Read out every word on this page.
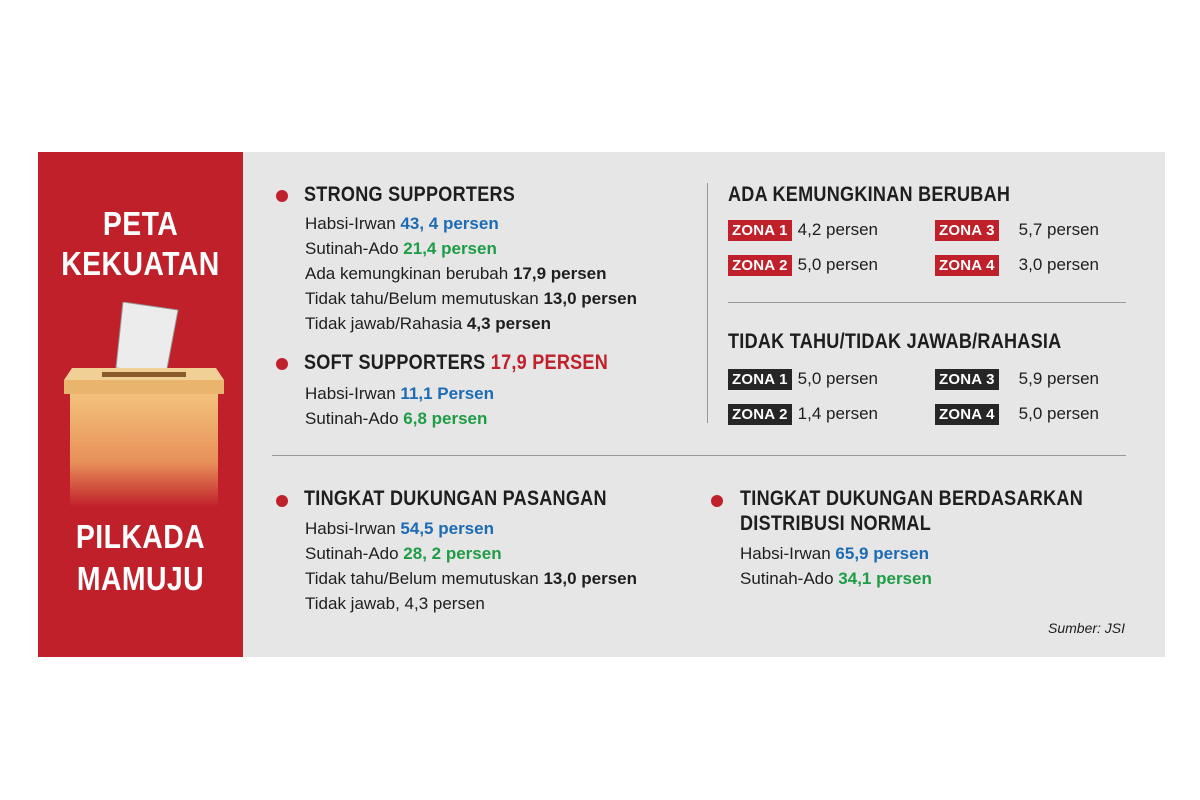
PETA
KEKUATAN
PILKADA
MAMUJU
STRONG SUPPORTERS
Habsi-Irwan 43, 4 persen
Sutinah-Ado 21,4 persen
Ada kemungkinan berubah 17,9 persen
Tidak tahu/Belum memutuskan 13,0 persen
Tidak jawab/Rahasia 4,3 persen
SOFT SUPPORTERS 17,9 PERSEN
Habsi-Irwan 11,1 Persen
Sutinah-Ado 6,8 persen
ADA KEMUNGKINAN BERUBAH
ZONA 1 4,2 persen
ZONA 2 5,0 persen
ZONA 3 5,7 persen
ZONA 4 3,0 persen
TIDAK TAHU/TIDAK JAWAB/RAHASIA
ZONA 1 5,0 persen
ZONA 2 1,4 persen
ZONA 3 5,9 persen
ZONA 4 5,0 persen
TINGKAT DUKUNGAN PASANGAN
Habsi-Irwan 54,5 persen
Sutinah-Ado 28, 2 persen
Tidak tahu/Belum memutuskan 13,0 persen
Tidak jawab, 4,3 persen
TINGKAT DUKUNGAN BERDASARKAN
DISTRIBUSI NORMAL
Habsi-Irwan 65,9 persen
Sutinah-Ado 34,1 persen
Sumber: JSI
